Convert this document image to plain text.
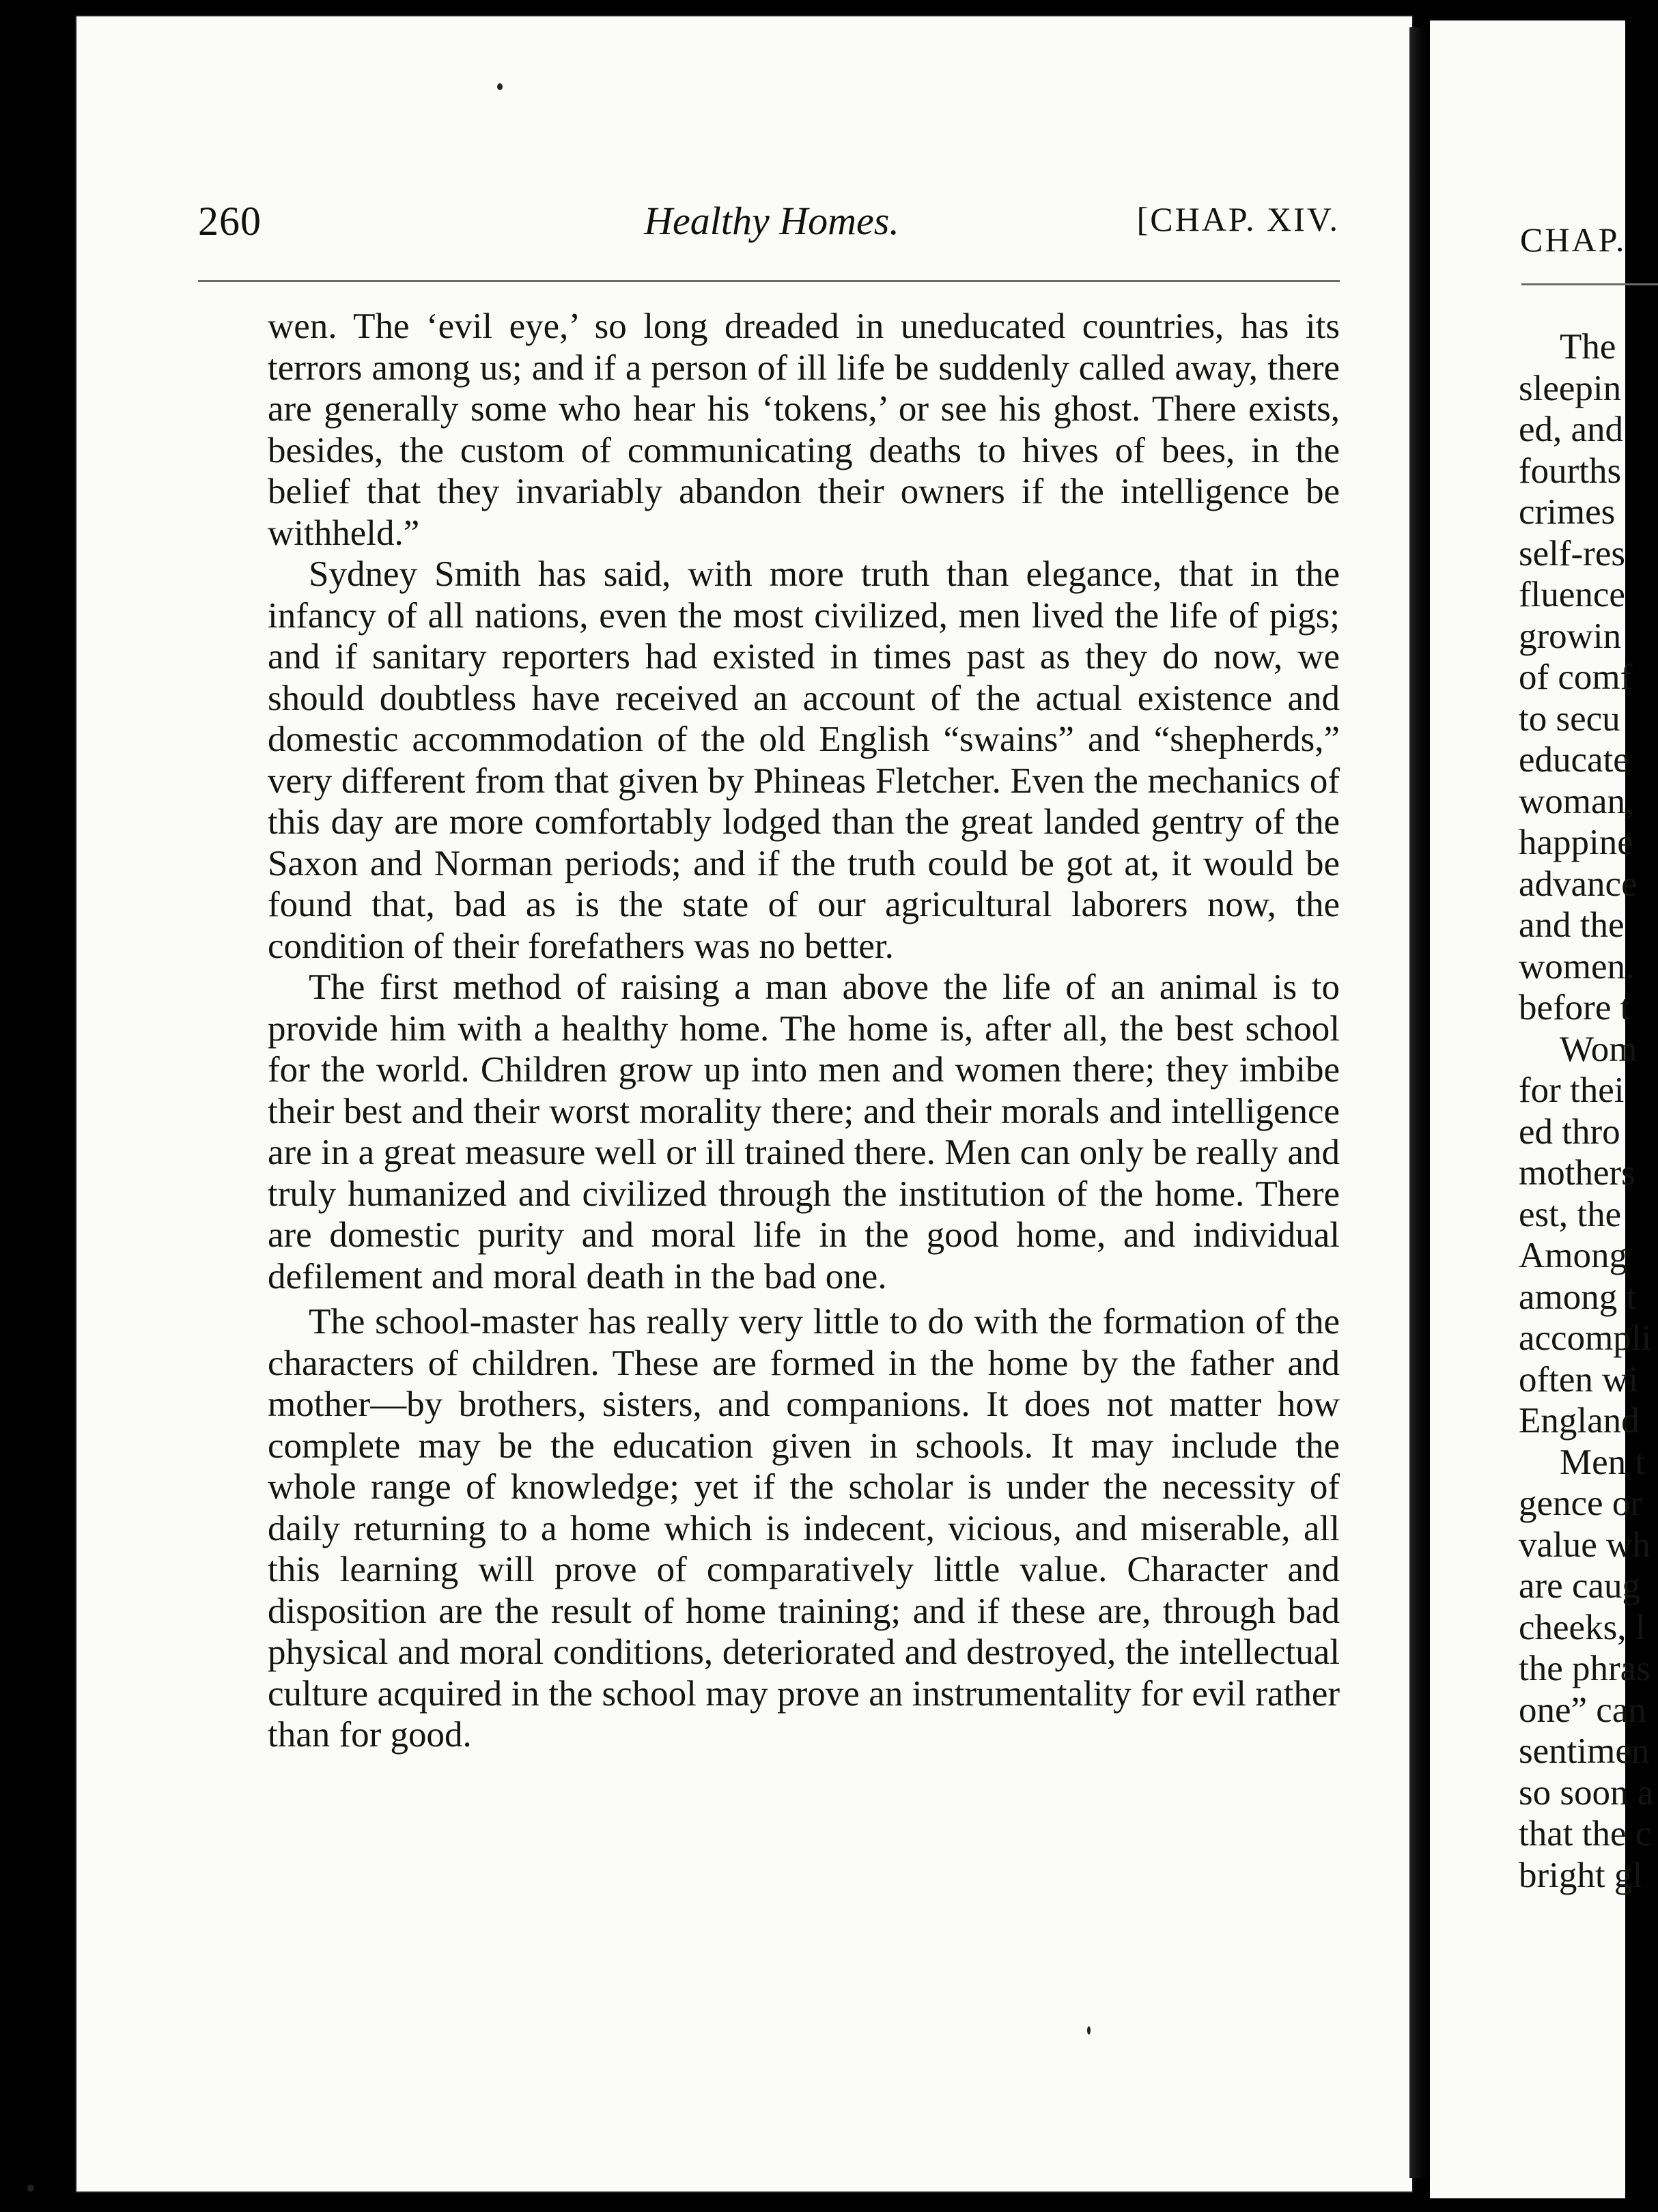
CHAP.
The
sleepin
ed, and
fourths
crimes
self-res
fluence
growin
of comf
to secu
educate
woman,
happine
advance
and the
women.
before t
Wom
for thei
ed thro
mothers
est, the
Among
among t
accompli
often wi
England
Men t
gence or
value wh
are caug
cheeks, l
the phras
one” can
sentimen
so soon a
that the c
bright gl
260	Healthy Homes.	[CHAP. XIV.

wen. The ‘evil eye,’ so long dreaded in uneducated countries, has its terrors among us; and if a person of ill life be suddenly called away, there are generally some who hear his ‘tokens,’ or see his ghost. There exists, besides, the custom of communicating deaths to hives of bees, in the belief that they invariably abandon their owners if the intelligence be withheld.”

Sydney Smith has said, with more truth than elegance, that in the infancy of all nations, even the most civilized, men lived the life of pigs; and if sanitary reporters had existed in times past as they do now, we should doubtless have received an account of the actual existence and domestic accommodation of the old English “swains” and “shepherds,” very different from that given by Phineas Fletcher. Even the mechanics of this day are more comfortably lodged than the great landed gentry of the Saxon and Norman periods; and if the truth could be got at, it would be found that, bad as is the state of our agricultural laborers now, the condition of their forefathers was no better.

The first method of raising a man above the life of an animal is to provide him with a healthy home. The home is, after all, the best school for the world. Children grow up into men and women there; they imbibe their best and their worst morality there; and their morals and intelligence are in a great measure well or ill trained there. Men can only be really and truly humanized and civilized through the institution of the home. There are domestic purity and moral life in the good home, and individual defilement and moral death in the bad one.

The school-master has really very little to do with the formation of the characters of children. These are formed in the home by the father and mother—by brothers, sisters, and companions. It does not matter how complete may be the education given in schools. It may include the whole range of knowledge; yet if the scholar is under the necessity of daily returning to a home which is indecent, vicious, and miserable, all this learning will prove of comparatively little value. Character and disposition are the result of home training; and if these are, through bad physical and moral conditions, deteriorated and destroyed, the intellectual culture acquired in the school may prove an instrumentality for evil rather than for good.
